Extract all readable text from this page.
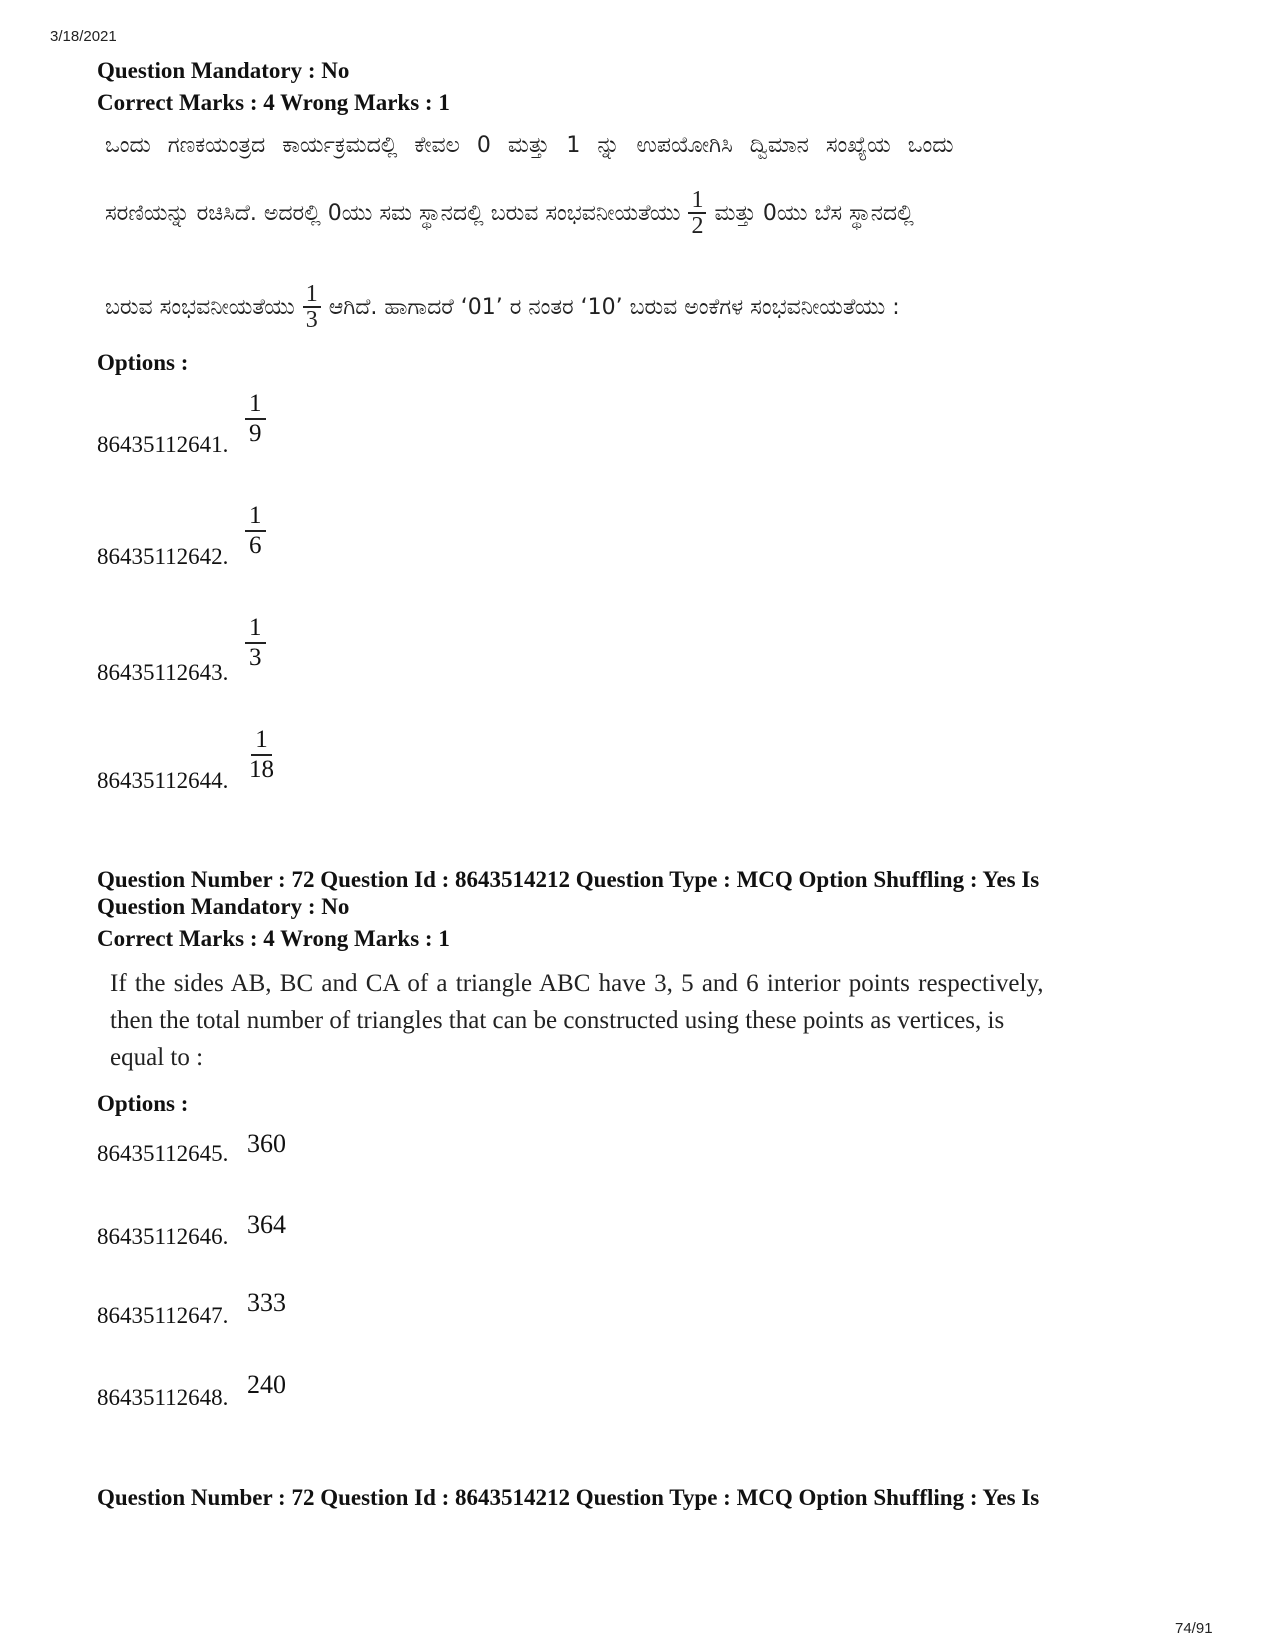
3/18/2021
Question Mandatory : No
Correct Marks : 4 Wrong Marks : 1
ಒಂದು ಗಣಕಯಂತ್ರದ ಕಾರ್ಯಕ್ರಮದಲ್ಲಿ ಕೇವಲ 0 ಮತ್ತು 1 ನ್ನು ಉಪಯೋಗಿಸಿ ದ್ವಿಮಾನ ಸಂಖ್ಯೆಯ ಒಂದು
ಸರಣಿಯನ್ನು ರಚಿಸಿದೆ. ಅದರಲ್ಲಿ 0ಯು ಸಮ ಸ್ಥಾನದಲ್ಲಿ ಬರುವ ಸಂಭವನೀಯತೆಯು $\frac{1}{2}$ ಮತ್ತು 0ಯು ಬೆಸ ಸ್ಥಾನದಲ್ಲಿ
ಬರುವ ಸಂಭವನೀಯತೆಯು $\frac{1}{3}$ ಆಗಿದೆ. ಹಾಗಾದರೆ ‘01’ ರ ನಂತರ ‘10’ ಬರುವ ಅಂಕೆಗಳ ಸಂಭವನೀಯತೆಯು :
Options :
86435112641. $\frac{1}{9}$
86435112642. $\frac{1}{6}$
86435112643.
$\frac{1}{3}$
86435112644. $\frac{1}{18}$
Question Number : 72 Question Id : 8643514212 Question Type : MCQ Option Shuffling : Yes Is
Question Mandatory : No
Correct Marks : 4 Wrong Marks : 1
If the sides AB, BC and CA of a triangle ABC have 3, 5 and 6 interior points respectively,
then the total number of triangles that can be constructed using these points as vertices, is
equal to :
Options :
86435112645. 360
86435112646. 364
86435112647. 333
86435112648. 240
Question Number : 72 Question Id : 8643514212 Question Type : MCQ Option Shuffling : Yes Is
74/91
